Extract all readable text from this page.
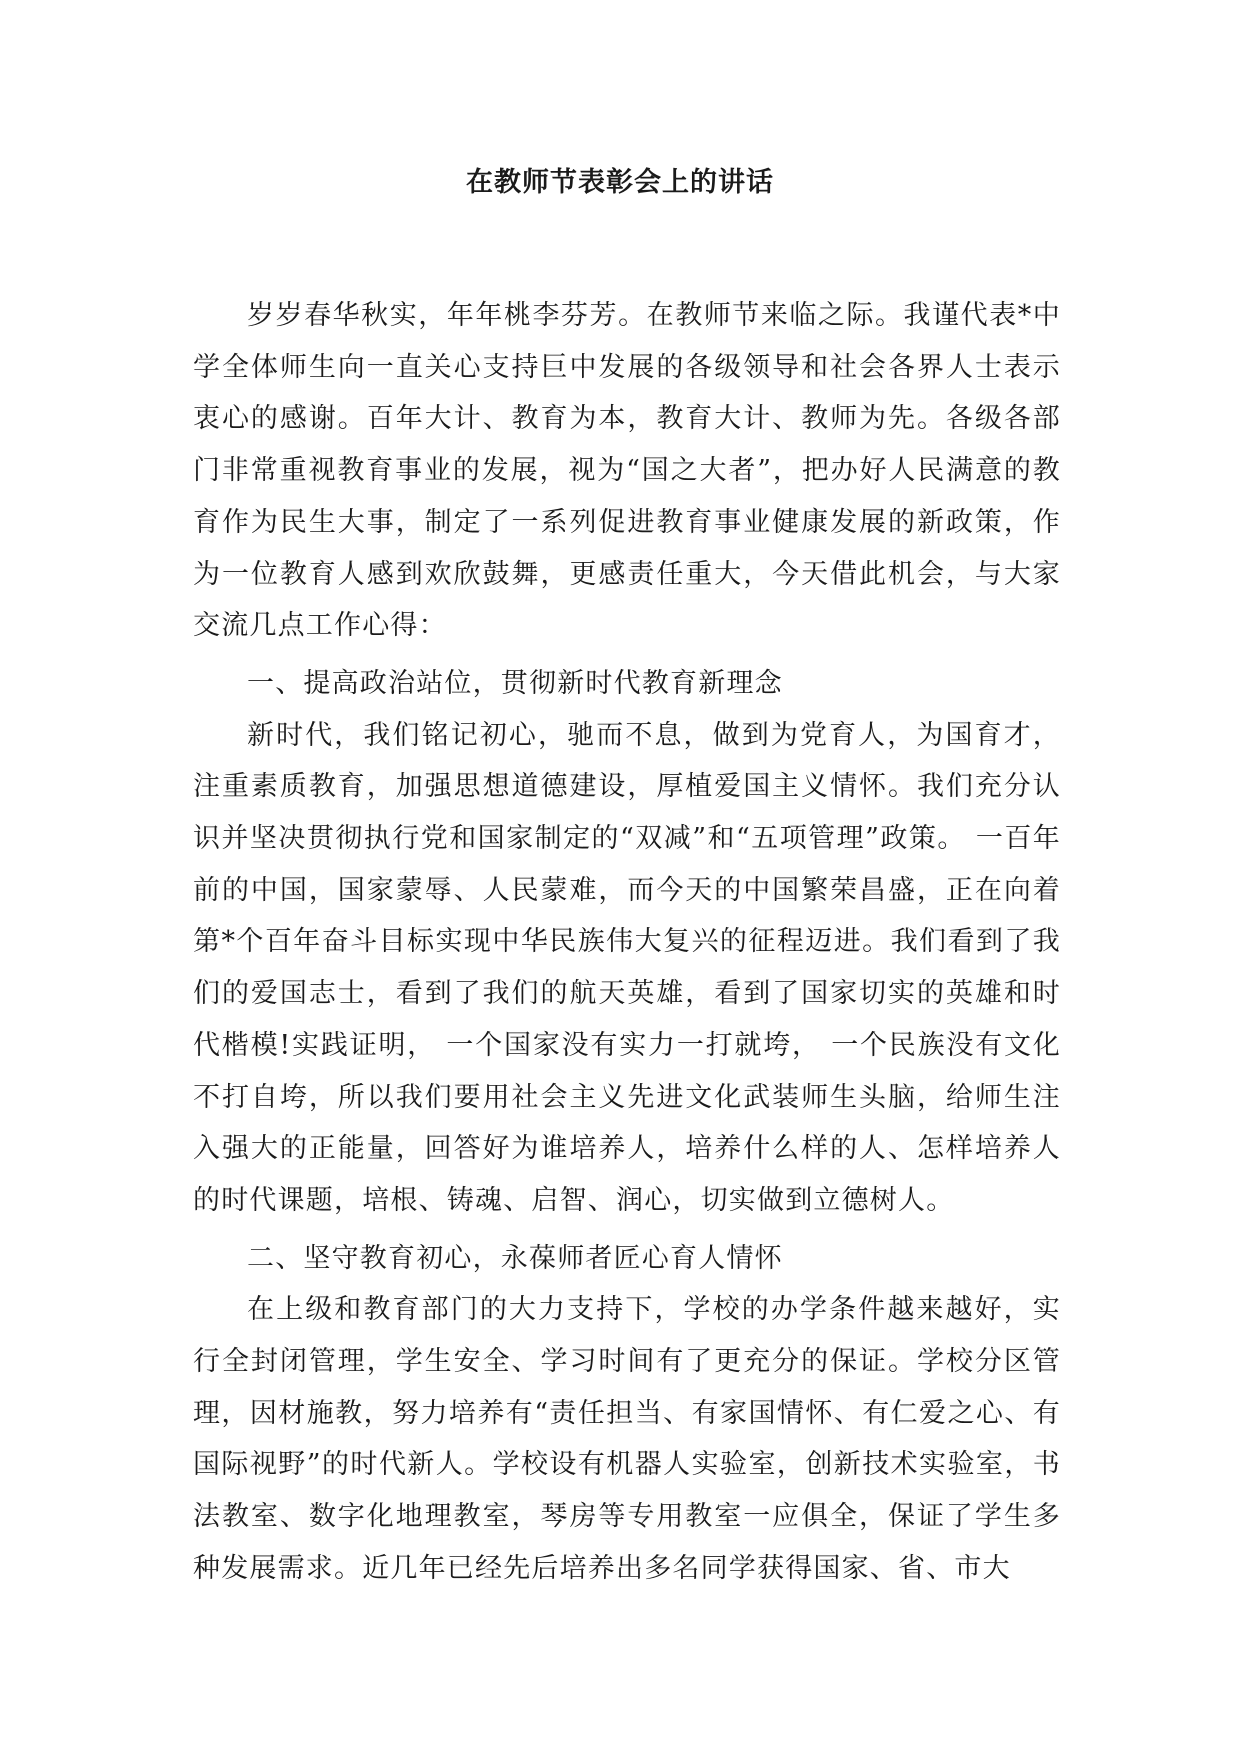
在教师节表彰会上的讲话

岁岁春华秋实，年年桃李芬芳。在教师节来临之际。我谨代表*中学全体师生向一直关心支持巨中发展的各级领导和社会各界人士表示衷心的感谢。百年大计、教育为本，教育大计、教师为先。各级各部门非常重视教育事业的发展，视为“国之大者”，把办好人民满意的教育作为民生大事，制定了一系列促进教育事业健康发展的新政策，作为一位教育人感到欢欣鼓舞，更感责任重大，今天借此机会，与大家交流几点工作心得：

一、提高政治站位，贯彻新时代教育新理念

新时代，我们铭记初心，驰而不息，做到为党育人，为国育才，注重素质教育，加强思想道德建设，厚植爱国主义情怀。我们充分认识并坚决贯彻执行党和国家制定的“双减”和“五项管理”政策。 一百年前的中国，国家蒙辱、人民蒙难，而今天的中国繁荣昌盛，正在向着第*个百年奋斗目标实现中华民族伟大复兴的征程迈进。我们看到了我们的爱国志士，看到了我们的航天英雄，看到了国家切实的英雄和时代楷模!实践证明， 一个国家没有实力一打就垮， 一个民族没有文化不打自垮，所以我们要用社会主义先进文化武装师生头脑，给师生注入强大的正能量，回答好为谁培养人，培养什么样的人、怎样培养人的时代课题，培根、铸魂、启智、润心，切实做到立德树人。

二、坚守教育初心，永葆师者匠心育人情怀

在上级和教育部门的大力支持下，学校的办学条件越来越好，实行全封闭管理，学生安全、学习时间有了更充分的保证。学校分区管理，因材施教，努力培养有“责任担当、有家国情怀、有仁爱之心、有国际视野”的时代新人。学校设有机器人实验室，创新技术实验室，书法教室、数字化地理教室，琴房等专用教室一应俱全，保证了学生多种发展需求。近几年已经先后培养出多名同学获得国家、省、市大
